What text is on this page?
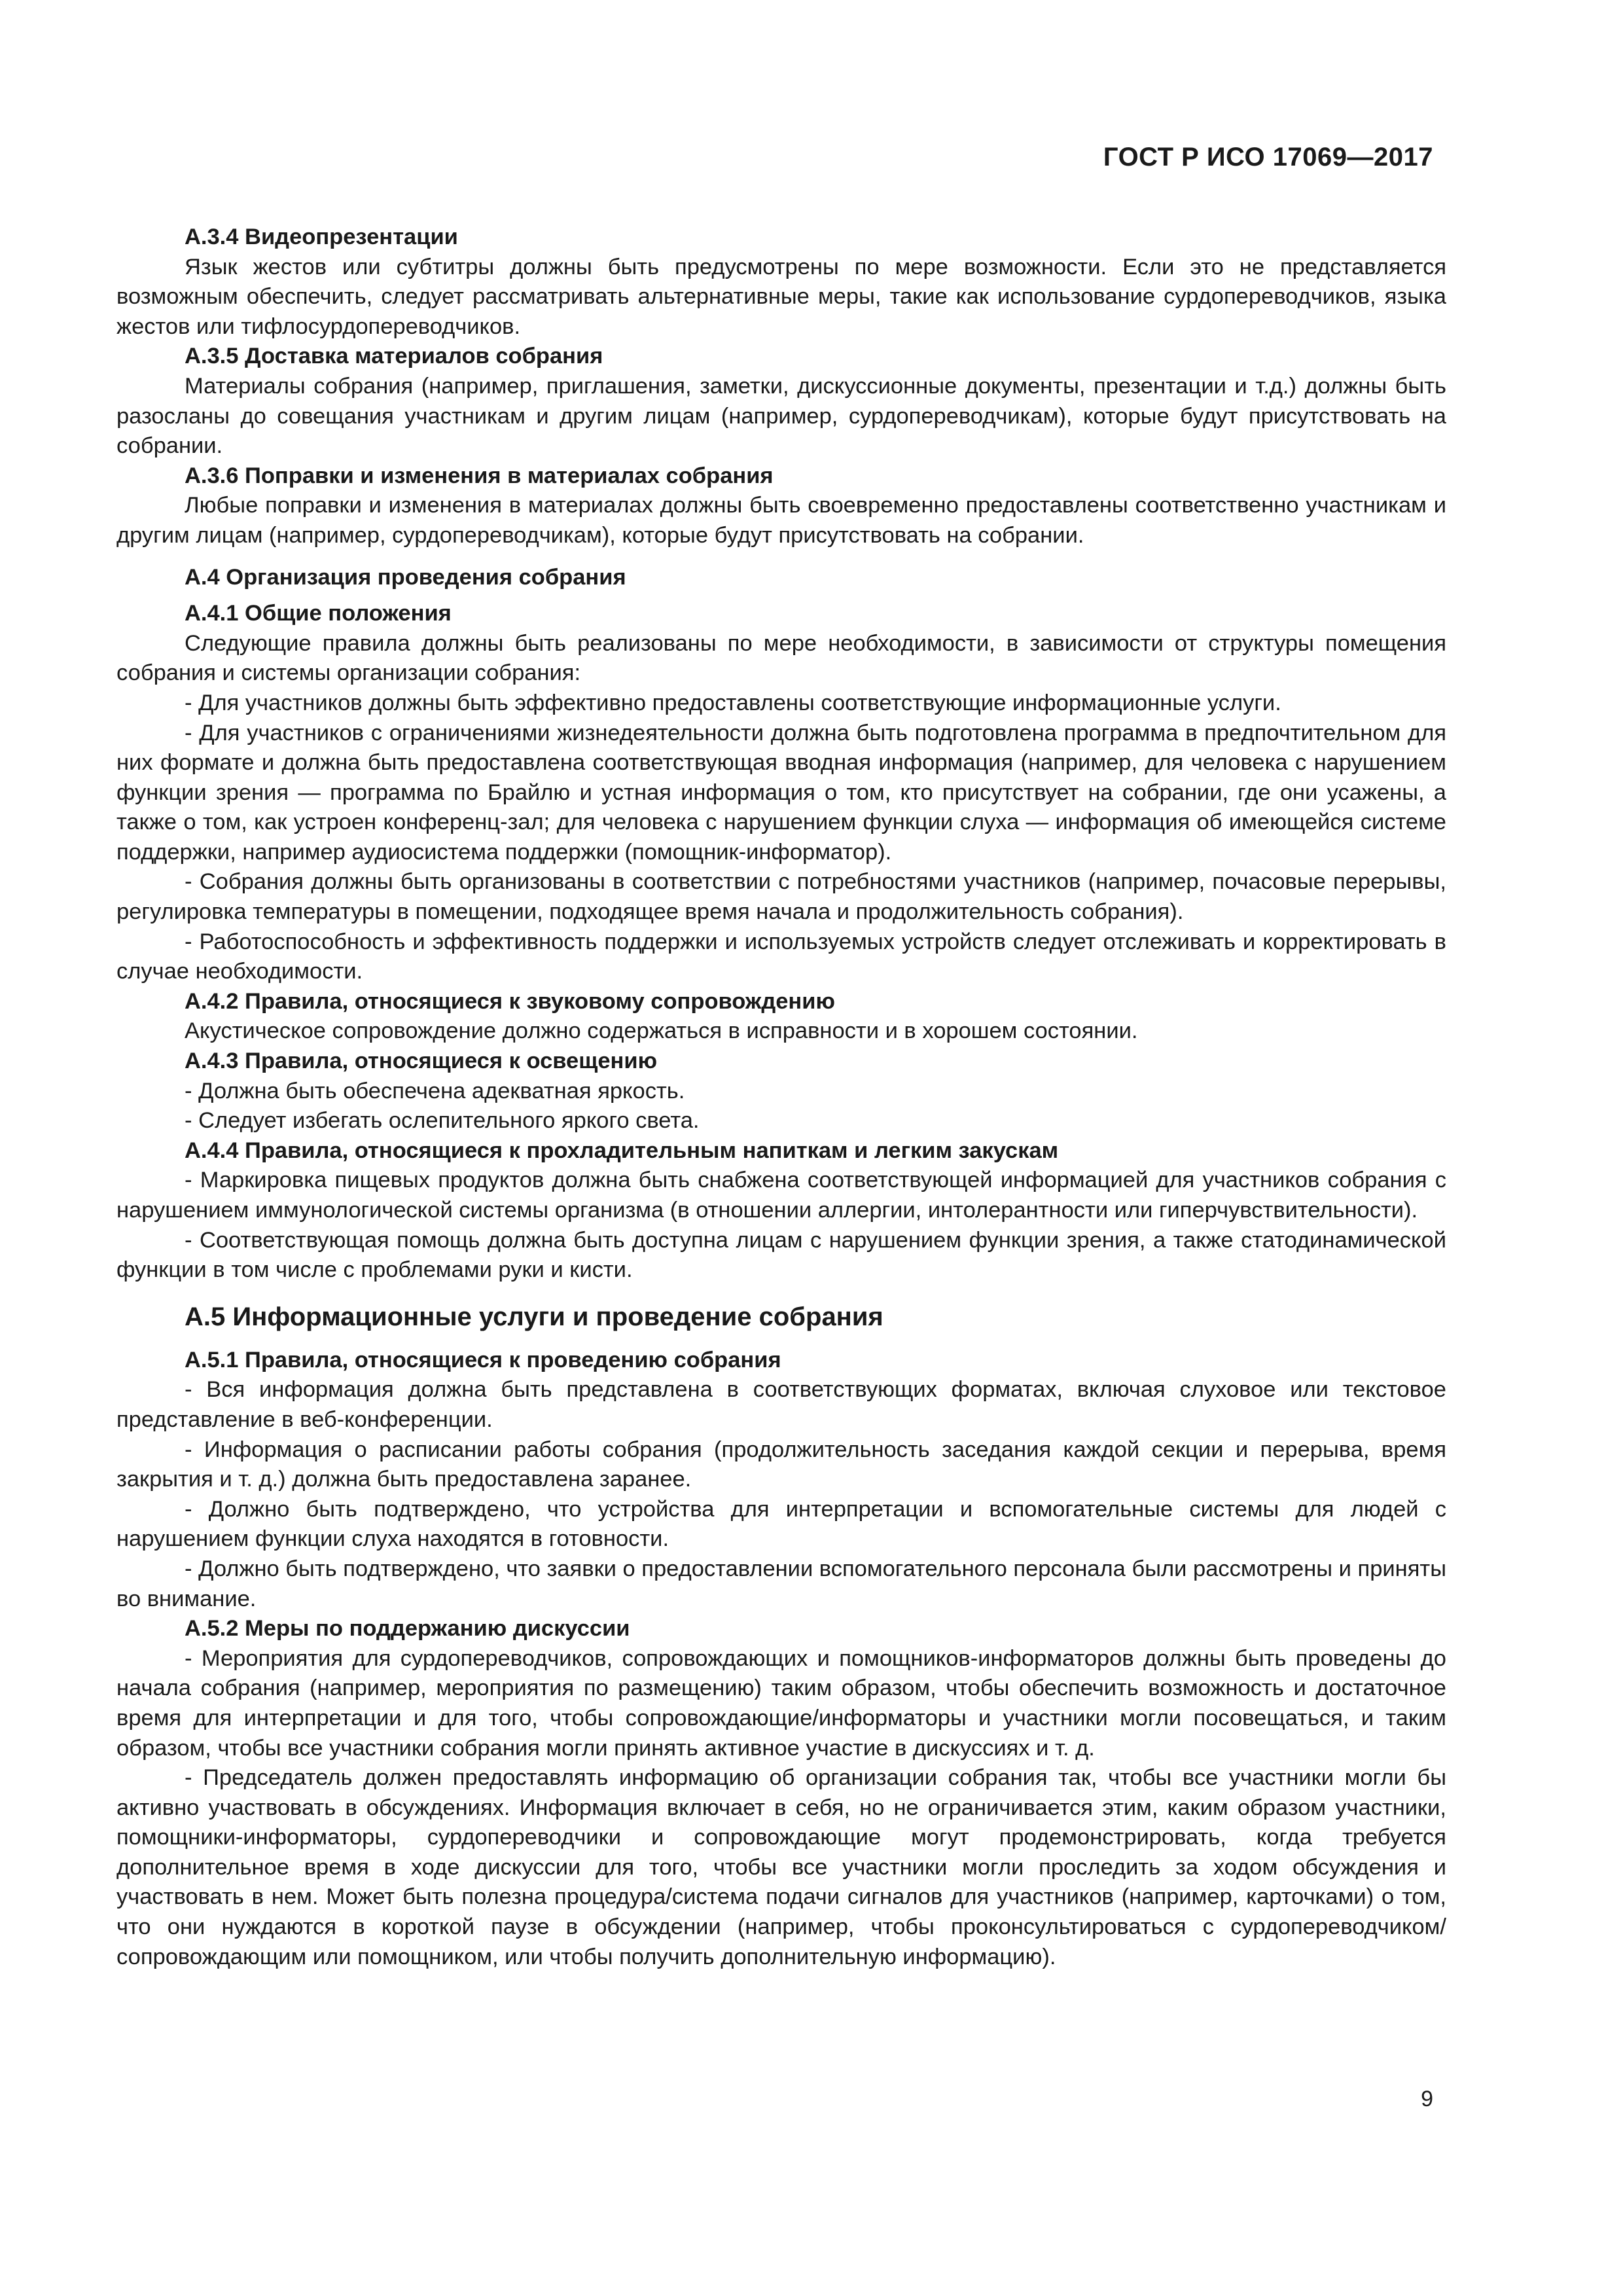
ГОСТ Р ИСО 17069—2017
А.3.4 Видеопрезентации

Язык жестов или субтитры должны быть предусмотрены по мере возможности. Если это не представляется возможным обеспечить, следует рассматривать альтернативные меры, такие как использование сурдопереводчиков, языка жестов или тифлосурдопереводчиков.

А.3.5 Доставка материалов собрания

Материалы собрания (например, приглашения, заметки, дискуссионные документы, презентации и т.д.) должны быть разосланы до совещания участникам и другим лицам (например, сурдопереводчикам), которые будут присутствовать на собрании.

А.3.6 Поправки и изменения в материалах собрания

Любые поправки и изменения в материалах должны быть своевременно предоставлены соответственно участникам и другим лицам (например, сурдопереводчикам), которые будут присутствовать на собрании.

А.4 Организация проведения собрания
А.4.1 Общие положения

Следующие правила должны быть реализованы по мере необходимости, в зависимости от структуры помещения собрания и системы организации собрания:

- Для участников должны быть эффективно предоставлены соответствующие информационные услуги.

- Для участников с ограничениями жизнедеятельности должна быть подготовлена программа в предпочтительном для них формате и должна быть предоставлена соответствующая вводная информация (например, для человека с нарушением функции зрения — программа по Брайлю и устная информация о том, кто присутствует на собрании, где они усажены, а также о том, как устроен конференц-зал; для человека с нарушением функции слуха — информация об имеющейся системе поддержки, например аудиосистема поддержки (помощник-информатор).

- Собрания должны быть организованы в соответствии с потребностями участников (например, почасовые перерывы, регулировка температуры в помещении, подходящее время начала и продолжительность собрания).

- Работоспособность и эффективность поддержки и используемых устройств следует отслеживать и корректировать в случае необходимости.

А.4.2 Правила, относящиеся к звуковому сопровождению

Акустическое сопровождение должно содержаться в исправности и в хорошем состоянии.

А.4.3 Правила, относящиеся к освещению

- Должна быть обеспечена адекватная яркость.

- Следует избегать ослепительного яркого света.

А.4.4 Правила, относящиеся к прохладительным напиткам и легким закускам

- Маркировка пищевых продуктов должна быть снабжена соответствующей информацией для участников собрания с нарушением иммунологической системы организма (в отношении аллергии, интолерантности или гиперчувствительности).

- Соответствующая помощь должна быть доступна лицам с нарушением функции зрения, а также статодинамической функции в том числе с проблемами руки и кисти.

А.5 Информационные услуги и проведение собрания
А.5.1 Правила, относящиеся к проведению собрания

- Вся информация должна быть представлена в соответствующих форматах, включая слуховое или текстовое представление в веб-конференции.

- Информация о расписании работы собрания (продолжительность заседания каждой секции и перерыва, время закрытия и т. д.) должна быть предоставлена заранее.

- Должно быть подтверждено, что устройства для интерпретации и вспомогательные системы для людей с нарушением функции слуха находятся в готовности.

- Должно быть подтверждено, что заявки о предоставлении вспомогательного персонала были рассмотрены и приняты во внимание.

А.5.2 Меры по поддержанию дискуссии

- Мероприятия для сурдопереводчиков, сопровождающих и помощников-информаторов должны быть проведены до начала собрания (например, мероприятия по размещению) таким образом, чтобы обеспечить возможность и достаточное время для интерпретации и для того, чтобы сопровождающие/информаторы и участники могли посовещаться, и таким образом, чтобы все участники собрания могли принять активное участие в дискуссиях и т. д.

- Председатель должен предоставлять информацию об организации собрания так, чтобы все участники могли бы активно участвовать в обсуждениях. Информация включает в себя, но не ограничивается этим, каким образом участники, помощники-информаторы, сурдопереводчики и сопровождающие могут продемонстрировать, когда требуется дополнительное время в ходе дискуссии для того, чтобы все участники могли проследить за ходом обсуждения и участвовать в нем. Может быть полезна процедура/система подачи сигналов для участников (например, карточками) о том, что они нуждаются в короткой паузе в обсуждении (например, чтобы проконсультироваться с сурдопереводчиком/сопровождающим или помощником, или чтобы получить дополнительную информацию).

9
